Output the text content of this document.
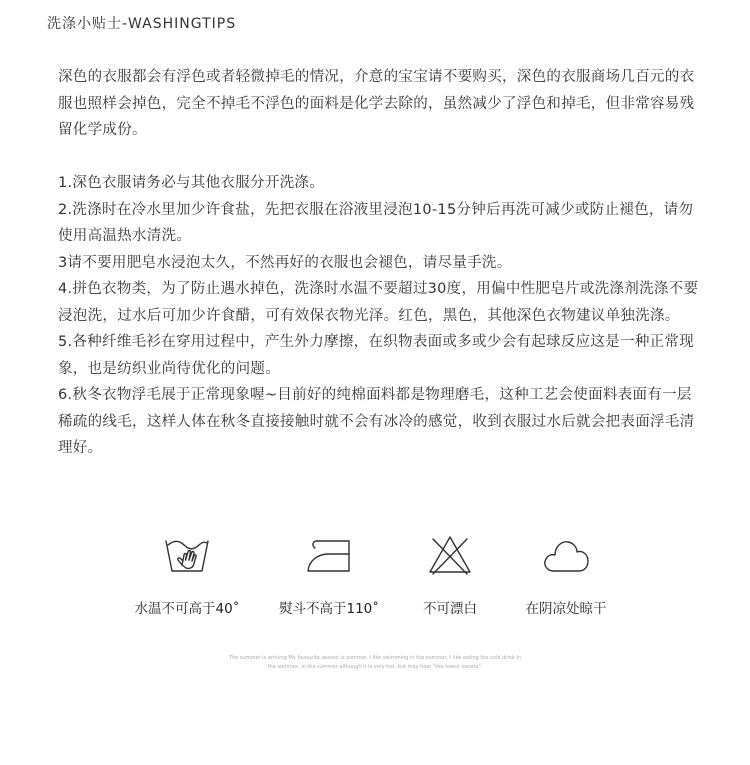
洗涤小贴士-WASHINGTIPS

深色的衣服都会有浮色或者轻微掉毛的情况，介意的宝宝请不要购买，深色的衣服商场几百元的衣服也照样会掉色，完全不掉毛不浮色的面料是化学去除的，虽然减少了浮色和掉毛，但非常容易残留化学成份。

1.深色衣服请务必与其他衣服分开洗涤。

2.洗涤时在冷水里加少许食盐，先把衣服在浴液里浸泡10-15分钟后再洗可减少或防止褪色，请勿使用高温热水清洗。

3请不要用肥皂水浸泡太久，不然再好的衣服也会褪色，请尽量手洗。

4.拼色衣物类，为了防止遇水掉色，洗涤时水温不要超过30度，用偏中性肥皂片或洗涤剂洗涤不要浸泡洗，过水后可加少许食醋，可有效保衣物光泽。红色，黑色，其他深色衣物建议单独洗涤。

5.各种纤维毛衫在穿用过程中，产生外力摩擦，在织物表面或多或少会有起球反应这是一种正常现象，也是纺织业尚待优化的问题。

6.秋冬衣物浮毛展于正常现象喔~目前好的纯棉面料都是物理磨毛，这种工艺会使面料表面有一层稀疏的线毛，这样人体在秋冬直接接触时就不会有冰冷的感觉，收到衣服过水后就会把表面浮毛清理好。

水温不可高于40˚	熨斗不高于110˚	不可漂白	在阴凉处晾干
The summer is arriving My favourite season is summer. I like swimming in the summer, I like eating the cold drink in
the summer, in the summer although it is very hot, but may hear "the insect sonata".
